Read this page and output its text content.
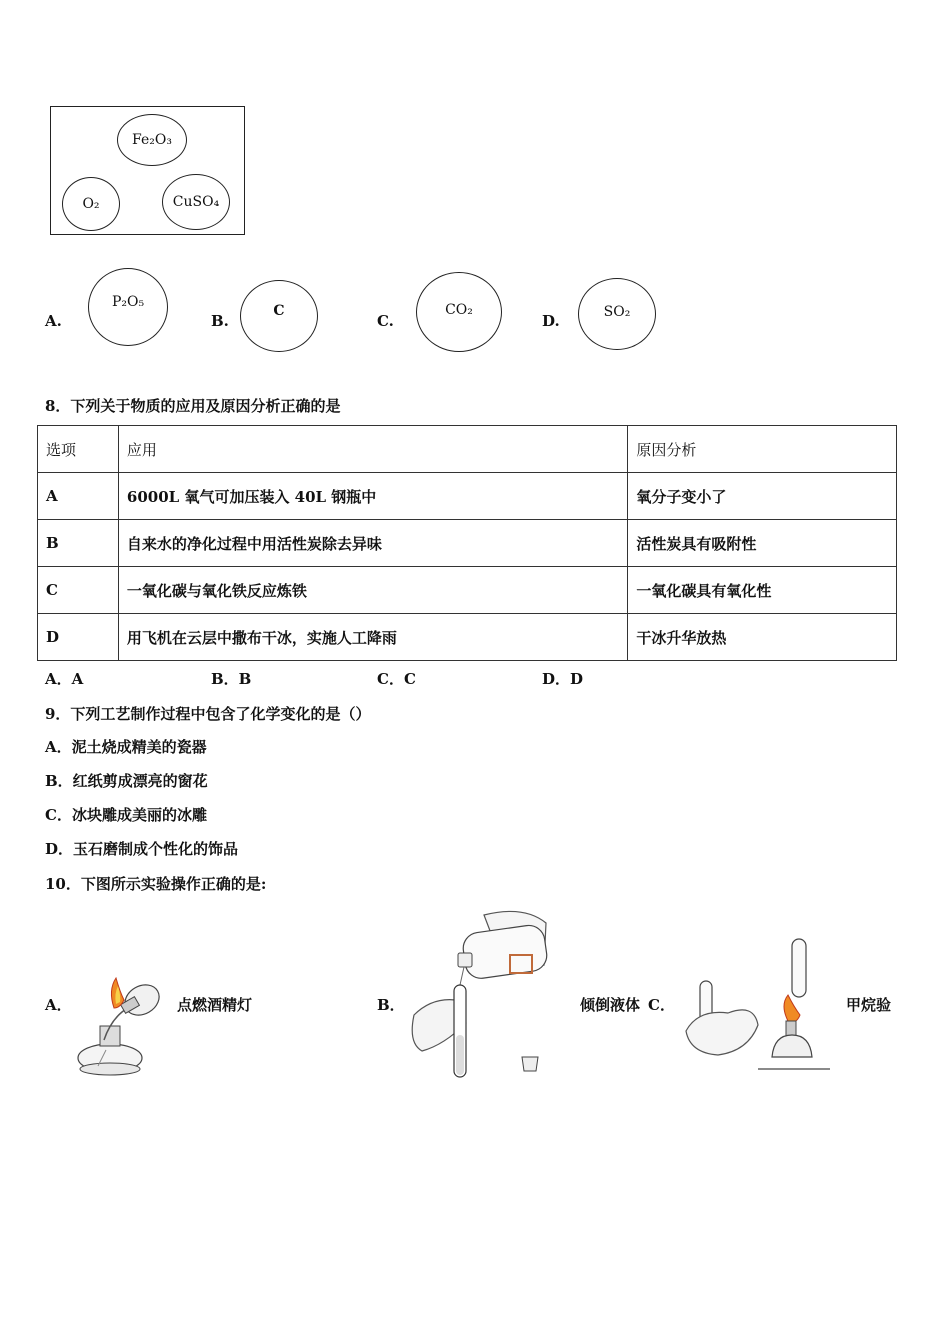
Fe₂O₃
O₂	CuSO₄
A.
P₂O₅
B.
C
C.
CO₂
D.	SO₂
8．下列关于物质的应用及原因分析正确的是
选项	应用	原因分析
A	6000L 氧气可加压装入 40L 钢瓶中	氧分子变小了
B	自来水的净化过程中用活性炭除去异味	活性炭具有吸附性
C	一氧化碳与氧化铁反应炼铁	一氧化碳具有氧化性
D	用飞机在云层中撒布干冰，实施人工降雨	干冰升华放热
A．A	B．B	C．C	D．D
9．下列工艺制作过程中包含了化学变化的是（）
A．泥土烧成精美的瓷器
B．红纸剪成漂亮的窗花
C．冰块雕成美丽的冰雕
D．玉石磨制成个性化的饰品
10．下图所示实验操作正确的是:
A．	点燃酒精灯	B．	倾倒液体 C．	甲烷验
